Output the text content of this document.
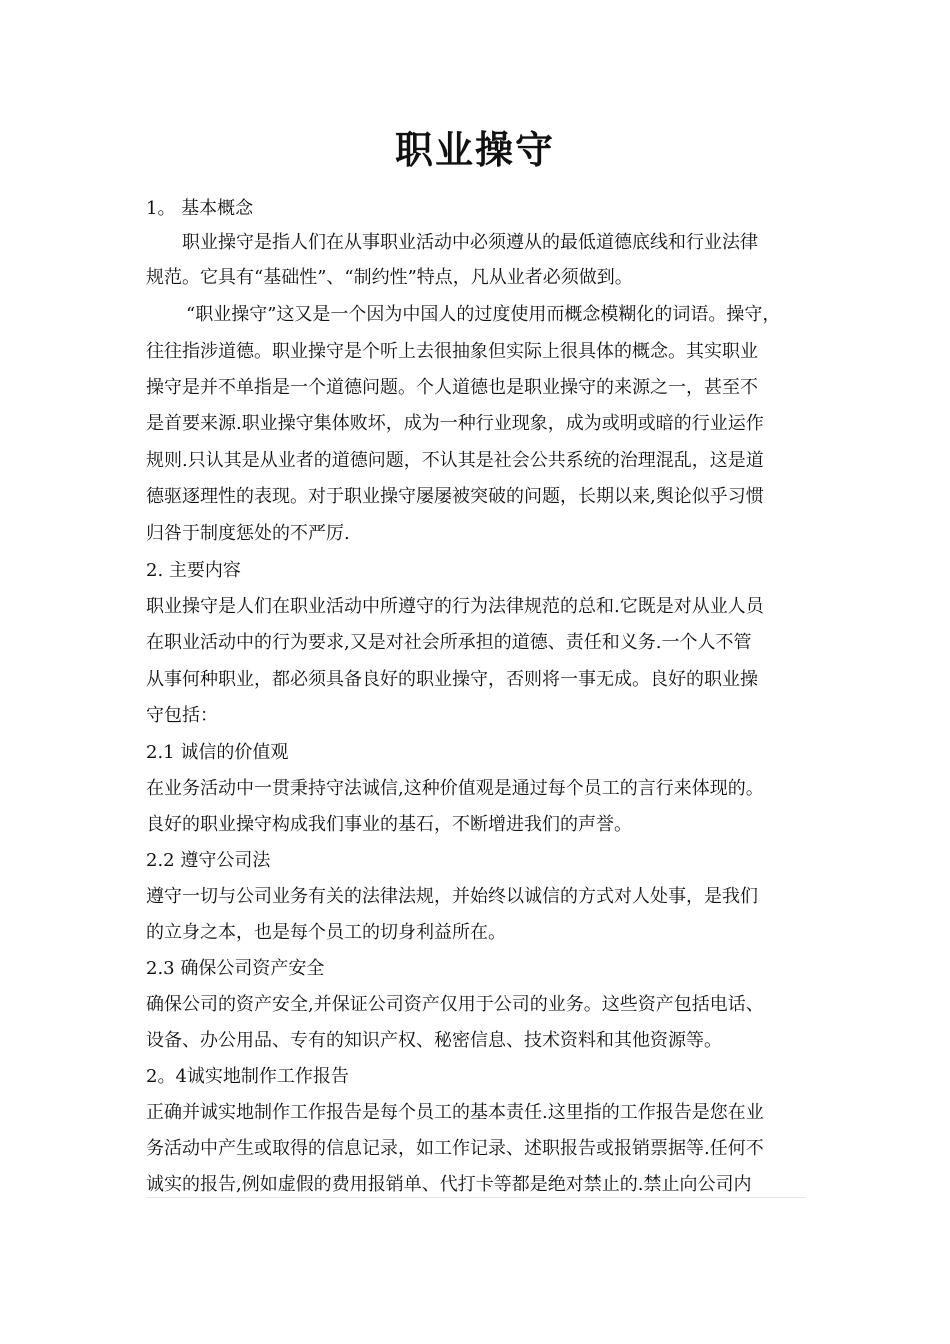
职业操守
1。 基本概念
职业操守是指人们在从事职业活动中必须遵从的最低道德底线和行业法律
规范。它具有“基础性”、“制约性”特点，凡从业者必须做到。
“职业操守”这又是一个因为中国人的过度使用而概念模糊化的词语。操守，
往往指涉道德。职业操守是个听上去很抽象但实际上很具体的概念。其实职业
操守是并不单指是一个道德问题。个人道德也是职业操守的来源之一，甚至不
是首要来源.职业操守集体败坏，成为一种行业现象，成为或明或暗的行业运作
规则.只认其是从业者的道德问题，不认其是社会公共系统的治理混乱，这是道
德驱逐理性的表现。对于职业操守屡屡被突破的问题，长期以来,舆论似乎习惯
归咎于制度惩处的不严厉.
2. 主要内容
职业操守是人们在职业活动中所遵守的行为法律规范的总和.它既是对从业人员
在职业活动中的行为要求,又是对社会所承担的道德、责任和义务.一个人不管
从事何种职业，都必须具备良好的职业操守，否则将一事无成。良好的职业操
守包括：
2.1 诚信的价值观
在业务活动中一贯秉持守法诚信,这种价值观是通过每个员工的言行来体现的。
良好的职业操守构成我们事业的基石，不断增进我们的声誉。
2.2 遵守公司法
遵守一切与公司业务有关的法律法规，并始终以诚信的方式对人处事，是我们
的立身之本，也是每个员工的切身利益所在。
2.3 确保公司资产安全
确保公司的资产安全,并保证公司资产仅用于公司的业务。这些资产包括电话、
设备、办公用品、专有的知识产权、秘密信息、技术资料和其他资源等。
2。4诚实地制作工作报告
正确并诚实地制作工作报告是每个员工的基本责任.这里指的工作报告是您在业
务活动中产生或取得的信息记录，如工作记录、述职报告或报销票据等.任何不
诚实的报告,例如虚假的费用报销单、代打卡等都是绝对禁止的.禁止向公司内
